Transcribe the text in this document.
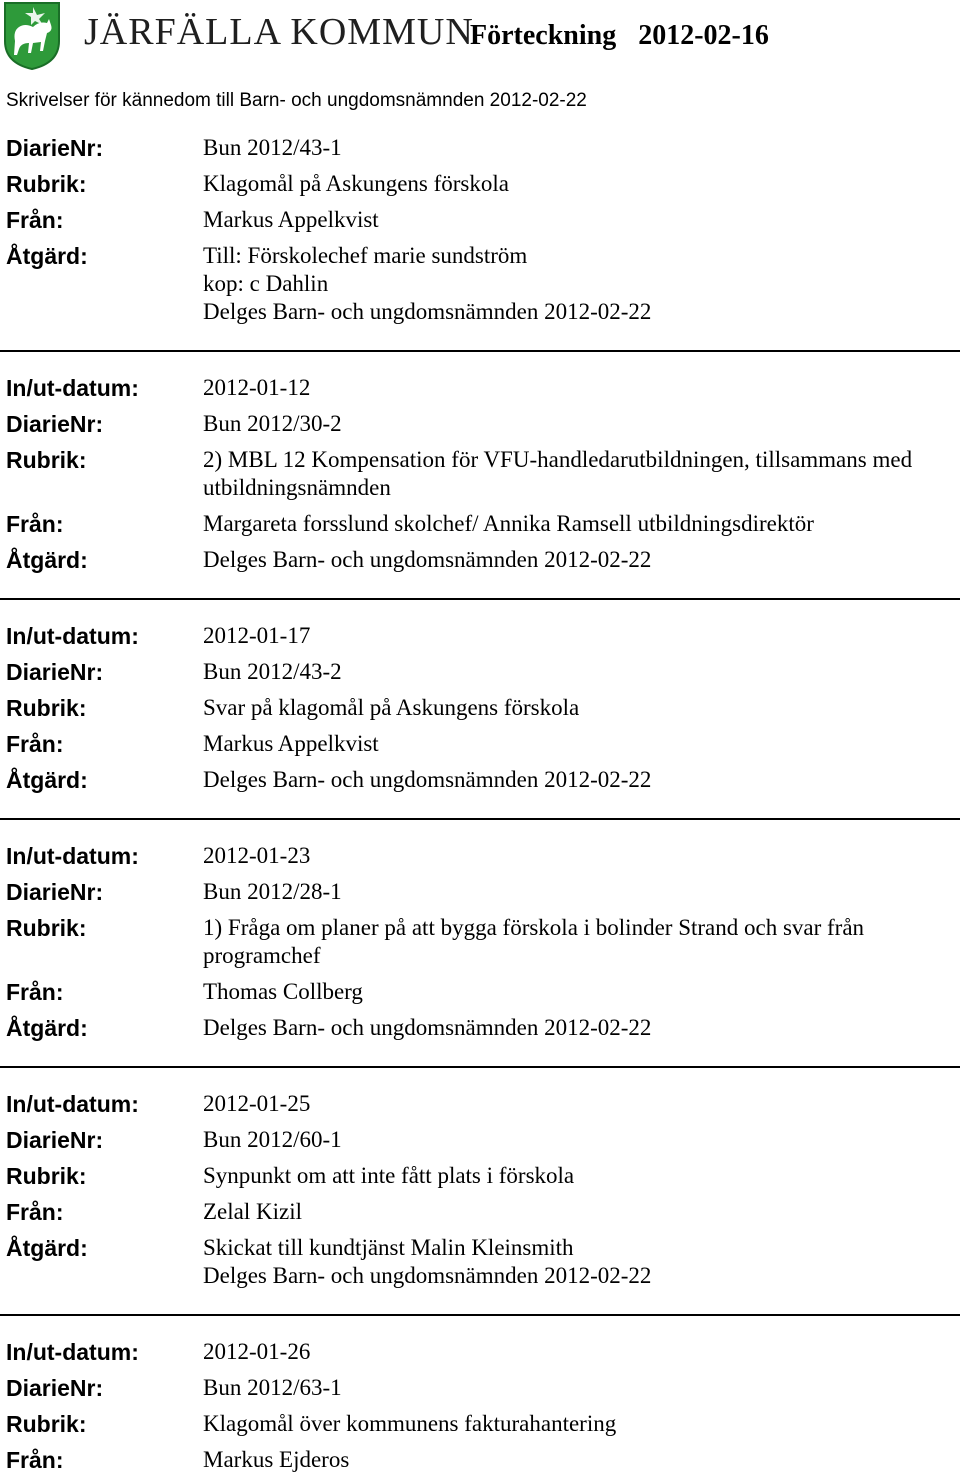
JÄRFÄLLA KOMMUN
Förteckning 2012-02-16
Skrivelser för kännedom till Barn- och ungdomsnämnden 2012-02-22
DiarieNr:	Bun 2012/43-1
Rubrik:	Klagomål på Askungens förskola
Från:	Markus Appelkvist
Åtgärd:	Till: Förskolechef marie sundström
kop: c Dahlin
Delges Barn- och ungdomsnämnden 2012-02-22
In/ut-datum:	2012-01-12
DiarieNr:	Bun 2012/30-2
Rubrik:	2) MBL 12 Kompensation för VFU-handledarutbildningen, tillsammans med utbildningsnämnden
Från:	Margareta forsslund skolchef/ Annika Ramsell utbildningsdirektör
Åtgärd:	Delges Barn- och ungdomsnämnden 2012-02-22
In/ut-datum:	2012-01-17
DiarieNr:	Bun 2012/43-2
Rubrik:	Svar på klagomål på Askungens förskola
Från:	Markus Appelkvist
Åtgärd:	Delges Barn- och ungdomsnämnden 2012-02-22
In/ut-datum:	2012-01-23
DiarieNr:	Bun 2012/28-1
Rubrik:	1) Fråga om planer på att bygga förskola i bolinder Strand och svar från programchef
Från:	Thomas Collberg
Åtgärd:	Delges Barn- och ungdomsnämnden 2012-02-22
In/ut-datum:	2012-01-25
DiarieNr:	Bun 2012/60-1
Rubrik:	Synpunkt om att inte fått plats i förskola
Från:	Zelal Kizil
Åtgärd:	Skickat till kundtjänst Malin Kleinsmith
Delges Barn- och ungdomsnämnden 2012-02-22
In/ut-datum:	2012-01-26
DiarieNr:	Bun 2012/63-1
Rubrik:	Klagomål över kommunens fakturahantering
Från:	Markus Ejderos
